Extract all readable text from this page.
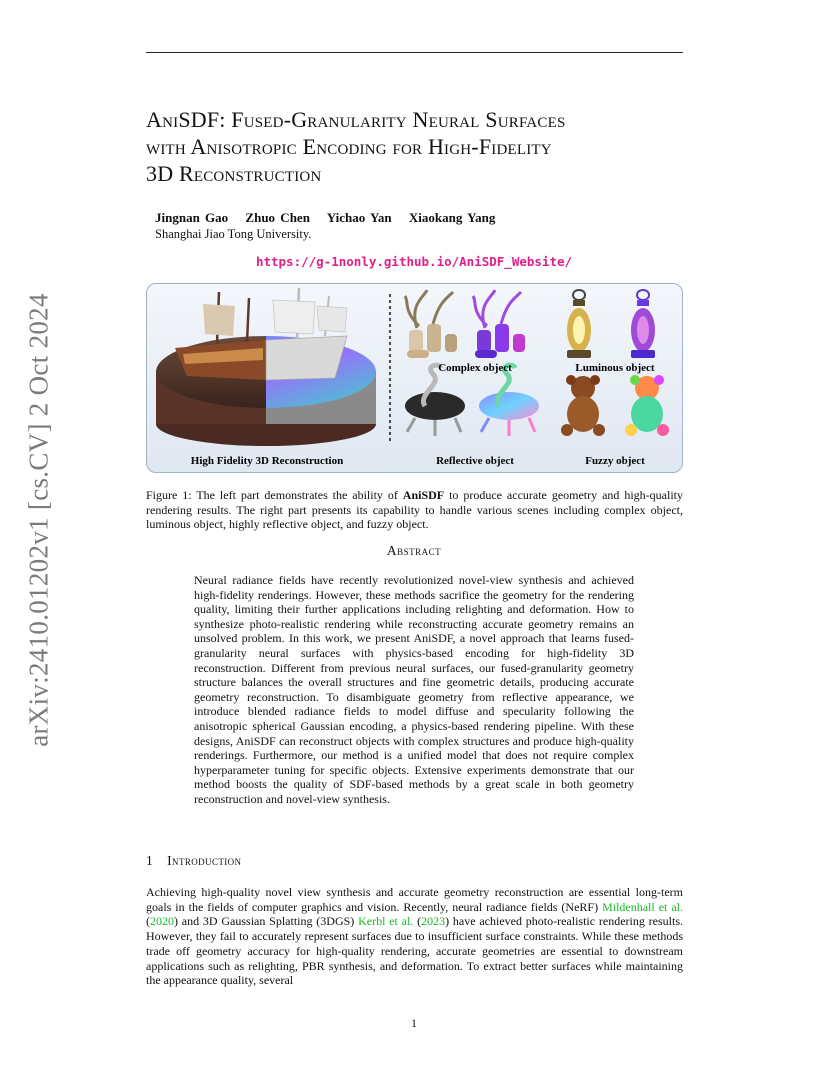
arXiv:2410.01202v1 [cs.CV] 2 Oct 2024
AniSDF: Fused-Granularity Neural Surfaces
with Anisotropic Encoding for High-Fidelity
3D Reconstruction
Jingnan Gao Zhuo Chen Yichao Yan Xiaokang Yang
Shanghai Jiao Tong University.
https://g-1nonly.github.io/AniSDF_Website/
High Fidelity 3D Reconstruction
Complex object	Luminous object
Reflective object	Fuzzy object

Figure 1: The left part demonstrates the ability of AniSDF to produce accurate geometry and high-quality rendering results. The right part presents its capability to handle various scenes including complex object, luminous object, highly reflective object, and fuzzy object.

Abstract

Neural radiance fields have recently revolutionized novel-view synthesis and achieved high-fidelity renderings. However, these methods sacrifice the geometry for the rendering quality, limiting their further applications including relighting and deformation. How to synthesize photo-realistic rendering while reconstructing accurate geometry remains an unsolved problem. In this work, we present AniSDF, a novel approach that learns fused-granularity neural surfaces with physics-based encoding for high-fidelity 3D reconstruction. Different from previous neural surfaces, our fused-granularity geometry structure balances the overall structures and fine geometric details, producing accurate geometry reconstruction. To disambiguate geometry from reflective appearance, we introduce blended radiance fields to model diffuse and specularity following the anisotropic spherical Gaussian encoding, a physics-based rendering pipeline. With these designs, AniSDF can reconstruct objects with complex structures and produce high-quality renderings. Furthermore, our method is a unified model that does not require complex hyperparameter tuning for specific objects. Extensive experiments demonstrate that our method boosts the quality of SDF-based methods by a great scale in both geometry reconstruction and novel-view synthesis.

1 Introduction

Achieving high-quality novel view synthesis and accurate geometry reconstruction are essential long-term goals in the fields of computer graphics and vision. Recently, neural radiance fields (NeRF) Mildenhall et al. (2020) and 3D Gaussian Splatting (3DGS) Kerbl et al. (2023) have achieved photo-realistic rendering results. However, they fail to accurately represent surfaces due to insufficient surface constraints. While these methods trade off geometry accuracy for high-quality rendering, accurate geometries are essential to downstream applications such as relighting, PBR synthesis, and deformation. To extract better surfaces while maintaining the appearance quality, several

1
